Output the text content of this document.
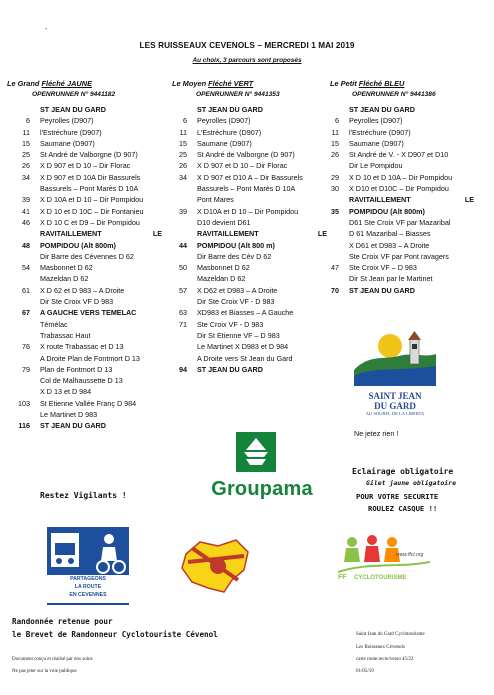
-
LES RUISSEAUX CEVENOLS – MERCREDI 1 MAI 2019
Au choix, 3 parcours sont proposés
Le Grand Fléché JAUNE
OPENRUNNER N° 9441182
Le Moyen Fléché VERT
OPENRUNNER N° 9441353
Le Petit Fléché BLEU
OPENRUNNER N° 9441386
ST JEAN DU GARD
6 Peyrolles (D907)
11 l'Estréchure (D907)
15 Saumane (D907)
25 St André de Valborgne (D 907)
26 X D 907 et D 10 – Dir Florac
34 X D 907 et D 10A Dir Bassurels
Bassurels – Pont Marès D 10A
39 X D 10A et D 10 – Dir Pompidou
41 X D 10 et D 10C – Dir Fontanieu
46 X D 10 C et D9 – Dir Pompidou
RAVITAILLEMENT	LE
48 POMPIDOU (Alt 800m)
Dir Barre des Cévennes D 62
54 Masbonnet D 62
Mazeldan D 62
61 X D 62 et D 983 – A Droite
Dir Ste Croix VF D 983
67 A GAUCHE VERS TEMELAC
Témélac
Trabassac Haut
76 X route Trabassac et D 13
A Droite Plan de Fontmort D 13
79 Plan de Fontmort D 13
Col de Malhaussette D 13
X D 13 et D 984
103 St Etienne Vallée Franç D 984
Le Martinet D 983
116 ST JEAN DU GARD
ST JEAN DU GARD
6 Peyrolles (D907)
11 L'Estréchure (D907)
15 Saumane (D907)
25 St André de Valborgne (D 907)
26 X D 907 et D 10 – Dir Florac
34 X D 907 et D10 A – Dir Bassurels
Bassurels – Pont Marès D 10A
Pont Mares
39 X D10A et D 10 – Dir Pompidou
D10 devient D61
RAVITAILLEMENT	LE
44 POMPIDOU (Alt 800 m)
Dir Barre des Cév D 62
50 Masbonnet D 62
Mazeldan D 62
57 X D62 et D983 – A Droite
Dir Ste Croix VF - D 983
63 XD983 et Biasses – A Gauche
71 Ste Croix VF - D 983
Dir St Etienne VF – D 983
Le Martinet X D983 et D 984
A Droite vers St Jean du Gard
94 ST JEAN DU GARD
ST JEAN DU GARD
6 Peyrolles (D907)
11 l'Estréchure (D907)
15 Saumane (D907)
26 St André de V. - X D907 et D10
Dir Le Pompidou
29 X D 10 et D 10A – Dir Pompidou
30 X D10 et D10C – Dir Pompidou
RAVITAILLEMENT	LE
35 POMPIDOU (Alt 800m)
D61 Ste Croix VF par Mazaribal
D 61 Mazaribal – Biasses
X D61 et D983 – A Droite
Ste Croix VF par Pont ravagers
47 Ste Croix VF – D 983
Dir St Jean par le Martinet
70 ST JEAN DU GARD
SAINT JEAN
DU GARD
AU SOUREL DE LA LIBERTA
Ne jetez rien !
Groupama
Eclairage obligatoire
Gilet jaune obligatoire
POUR VOTRE SECURITE
ROULEZ CASQUE !!
Restez Vigilants !
PARTAGEONS
LA ROUTE
EN CEVENNES
www.ffct.org
FF CYCLOTOURISME
Randonnée retenue pour
le Brevet de Randonneur Cyclotouriste Cévenol
Document conçu et réalisé par nos soins
Ne pas jeter sur la voie publique
Saint Jean du Gard Cyclotourisme
Les Ruisseaux Cévenols
carte route.recto/verso 45/22
01/05/19
